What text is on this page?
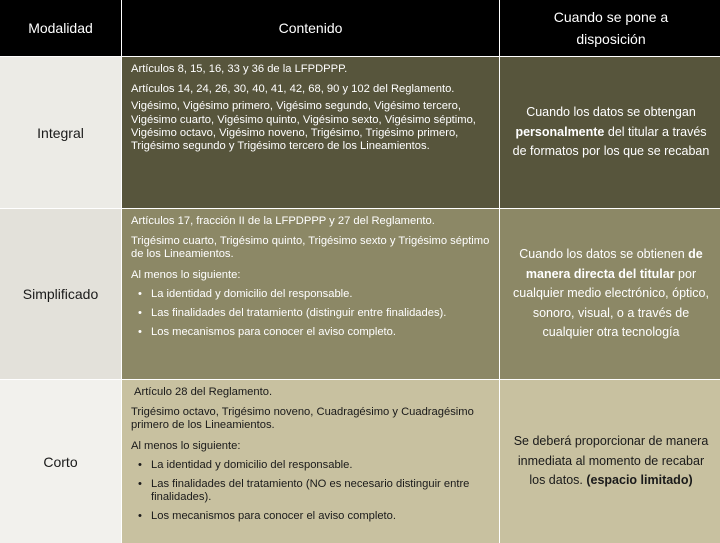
Modalidad	Contenido
Cuando se pone a disposición
Integral
Artículos 8, 15, 16, 33 y 36 de la LFPDPPP.
Artículos 14, 24, 26, 30, 40, 41, 42, 68, 90 y 102 del Reglamento.
Vigésimo, Vigésimo primero, Vigésimo segundo, Vigésimo tercero, Vigésimo cuarto, Vigésimo quinto, Vigésimo sexto, Vigésimo séptimo, Vigésimo octavo, Vigésimo noveno, Trigésimo, Trigésimo primero, Trigésimo segundo y Trigésimo tercero de los Lineamientos.
Cuando los datos se obtengan personalmente del titular a través de formatos por los que se recaban
Simplificado
Artículos 17, fracción II de la LFPDPPP y 27 del Reglamento.
Trigésimo cuarto, Trigésimo quinto, Trigésimo sexto y Trigésimo séptimo de los Lineamientos.
Al menos lo siguiente:
• La identidad y domicilio del responsable.
• Las finalidades del tratamiento (distinguir entre finalidades).
• Los mecanismos para conocer el aviso completo.
Cuando los datos se obtienen de manera directa del titular por cualquier medio electrónico, óptico, sonoro, visual, o a través de cualquier otra tecnología
Corto
Artículo 28 del Reglamento.
Trigésimo octavo, Trigésimo noveno, Cuadragésimo y Cuadragésimo primero de los Lineamientos.
Al menos lo siguiente:
• La identidad y domicilio del responsable.
• Las finalidades del tratamiento (NO es necesario distinguir entre finalidades).
• Los mecanismos para conocer el aviso completo.
Se deberá proporcionar de manera inmediata al momento de recabar los datos. (espacio limitado)
